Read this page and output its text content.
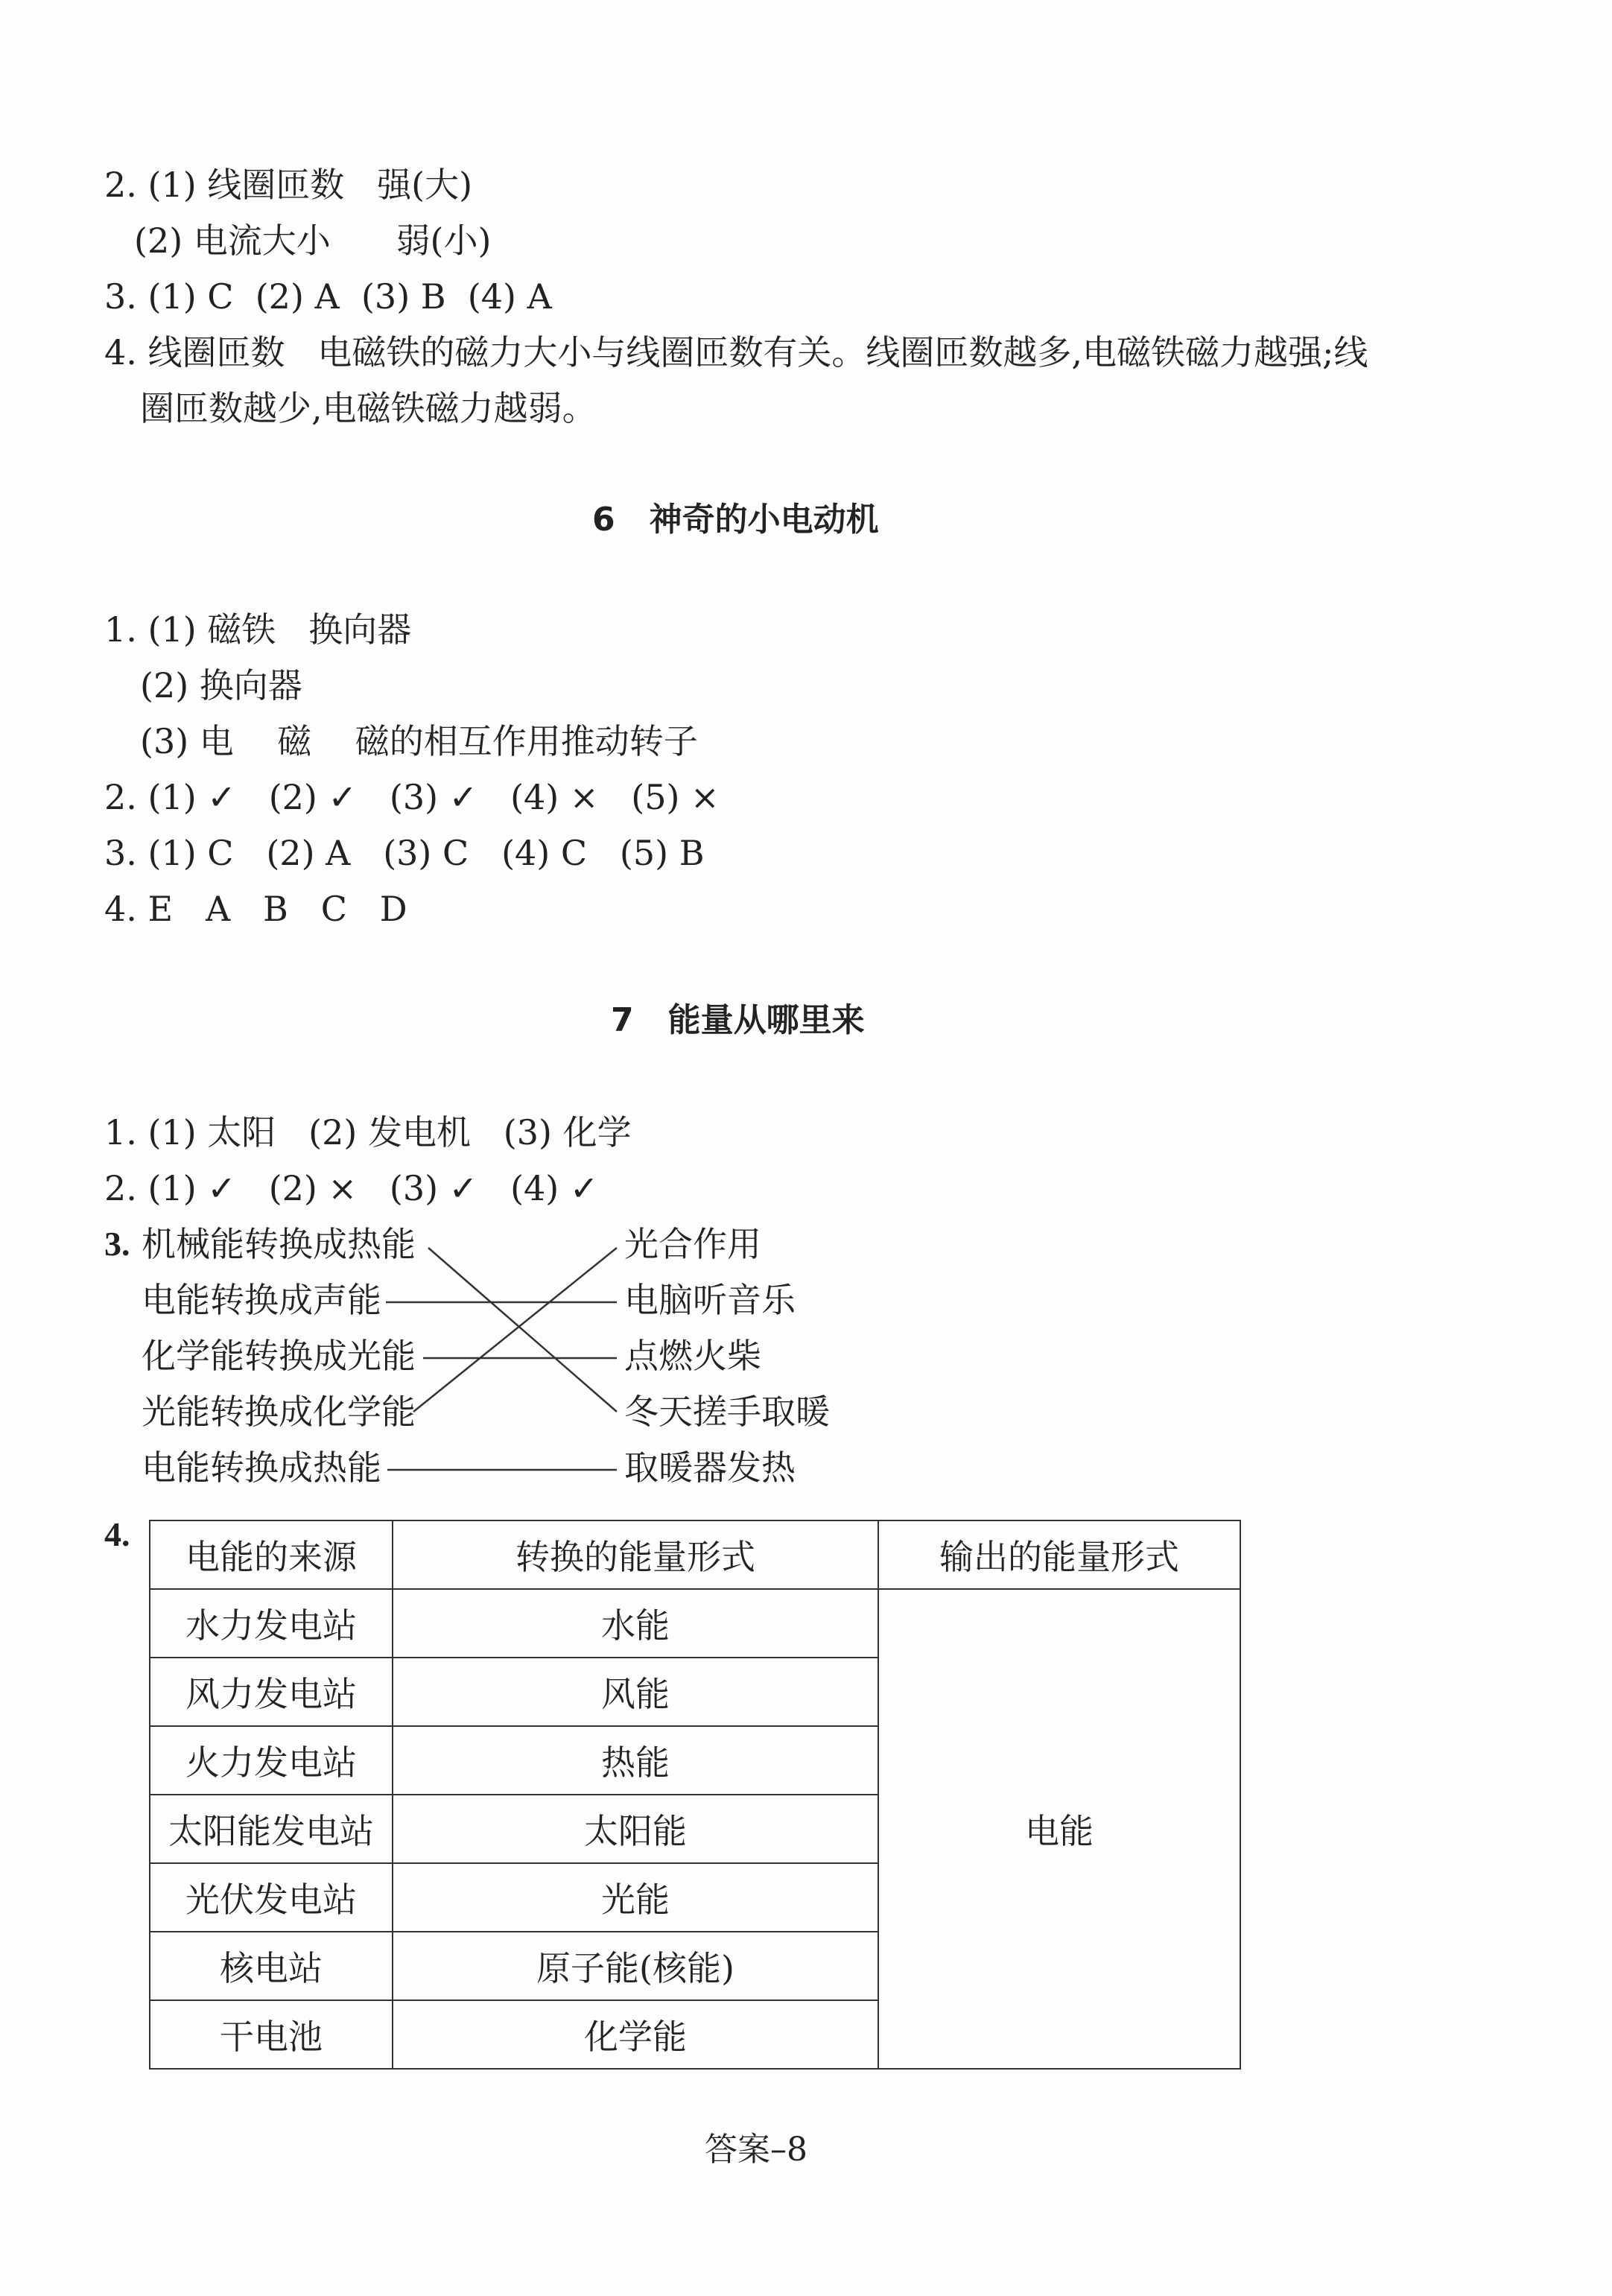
2. (1) 线圈匝数   强(大)
(2) 电流大小      弱(小)
3. (1) C  (2) A  (3) B  (4) A
4. 线圈匝数   电磁铁的磁力大小与线圈匝数有关。线圈匝数越多,电磁铁磁力越强;线
圈匝数越少,电磁铁磁力越弱。
6   神奇的小电动机
1. (1) 磁铁   换向器
(2) 换向器
(3) 电    磁    磁的相互作用推动转子
2. (1) ✓   (2) ✓   (3) ✓   (4) ×   (5) ×
3. (1) C   (2) A   (3) C   (4) C   (5) B
4. E   A   B   C   D
7   能量从哪里来
1. (1) 太阳   (2) 发电机   (3) 化学
2. (1) ✓   (2) ×   (3) ✓   (4) ✓
3. 机械能转换成热能
电能转换成声能
化学能转换成光能
光能转换成化学能
电能转换成热能
光合作用
电脑听音乐
点燃火柴
冬天搓手取暖
取暖器发热
4.
电能的来源	转换的能量形式	输出的能量形式
水力发电站	水能	电能
风力发电站	风能	
火力发电站	热能	
太阳能发电站	太阳能	
光伏发电站	光能	
核电站	原子能(核能)	
干电池	化学能	
答案–8
